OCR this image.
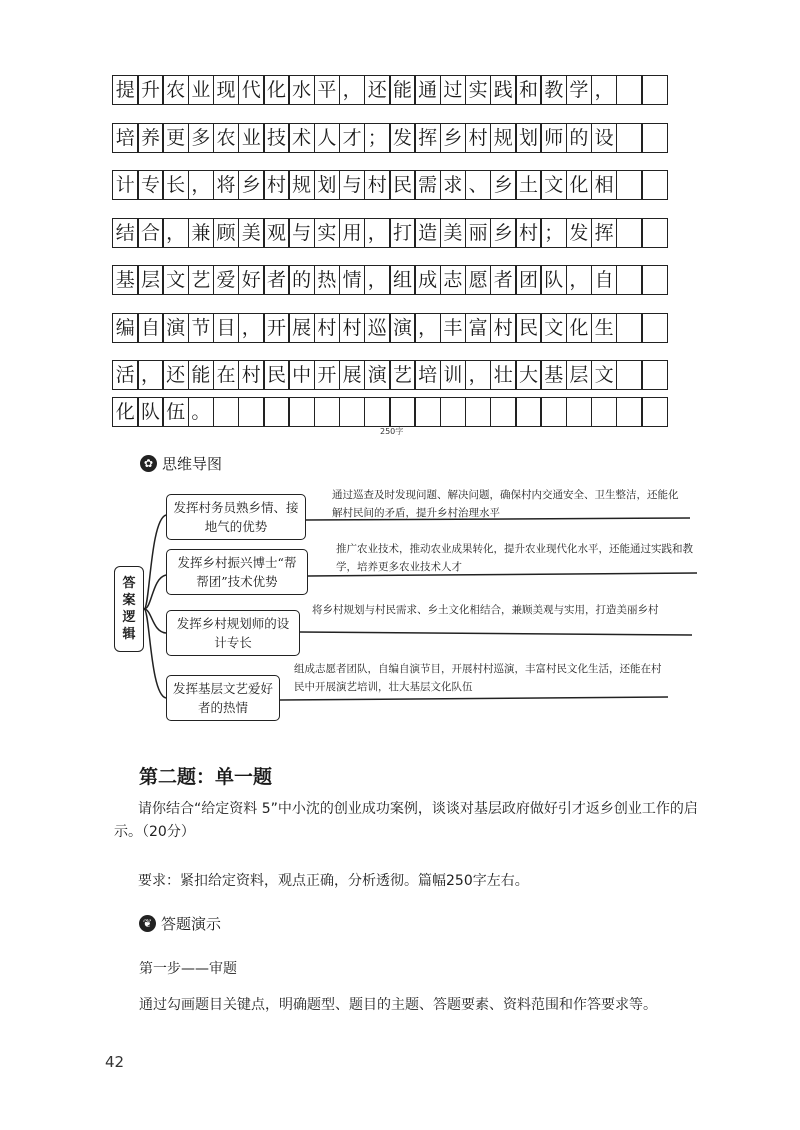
提 升 农 业 现 代 化 水 平 ， 还 能 通 过 实 践 和 教 学 ，
培 养 更 多 农 业 技 术 人 才 ； 发 挥 乡 村 规 划 师 的 设
计 专 长 ， 将 乡 村 规 划 与 村 民 需 求 、 乡 土 文 化 相
结 合 ， 兼 顾 美 观 与 实 用 ， 打 造 美 丽 乡 村 ； 发 挥
基 层 文 艺 爱 好 者 的 热 情 ， 组 成 志 愿 者 团 队 ， 自
编 自 演 节 目 ， 开 展 村 村 巡 演 ， 丰 富 村 民 文 化 生
活 ， 还 能 在 村 民 中 开 展 演 艺 培 训 ， 壮 大 基 层 文
化 队 伍 。
250字
✿ 思维导图
答案逻辑
发挥村务员熟乡情、接地气的优势
发挥乡村振兴博士“帮帮团”技术优势
发挥乡村规划师的设计专长
发挥基层文艺爱好者的热情
通过巡查及时发现问题、解决问题，确保村内交通安全、卫生整洁，还能化解村民间的矛盾，提升乡村治理水平
推广农业技术，推动农业成果转化，提升农业现代化水平，还能通过实践和教学，培养更多农业技术人才
将乡村规划与村民需求、乡土文化相结合，兼顾美观与实用，打造美丽乡村
组成志愿者团队，自编自演节目，开展村村巡演，丰富村民文化生活，还能在村民中开展演艺培训，壮大基层文化队伍
第二题：单一题
请你结合“给定资料 5”中小沈的创业成功案例，谈谈对基层政府做好引才返乡创业工作的启示。（20分）
要求：紧扣给定资料，观点正确，分析透彻。篇幅250字左右。
❦ 答题演示
第一步——审题
通过勾画题目关键点，明确题型、题目的主题、答题要素、资料范围和作答要求等。
42
